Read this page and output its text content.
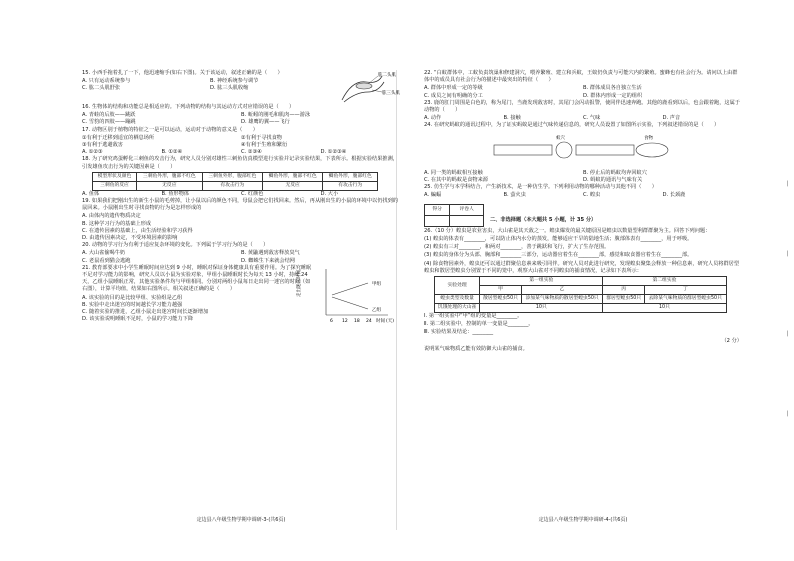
15. 小西手拖着扎了一下，他迅速缩手(如右下图)。关于该运动，叙述正确的是（　　）
A. 只有运动系统参与	B. 神经系统参与调节
C. 肱二头肌舒张	D. 肱三头肌收缩
肱二头肌
肱三头肌
16. 生物体的结构和功能总是相适应的。下列动物的结构与其运动方式对应错误的是（　　）
A. 青蛙的后肢——跳跃	B. 蚯蚓的刚毛和肌肉——游泳
C. 雪豹的四肢——蹦跳	D. 雄鹰的翼——飞行
17. 动物区别于植物的特征之一是可以运动，运动对于动物的意义是（　　）
①有利于迁移到适宜的栖息场所	②有利于寻找食物
③有利于逃避敌害	④有利于生殖和繁衍
A. ①②③	B. ①②④	C. ②③④	D. ①②③④
18. 为了研究鸡蛋孵化三刺鱼的攻击行为，研究人员分别对雄性三刺鱼仿真模型进行实验并记录实验结果，下表所示。根据实验结果推测，引发雄鱼攻击行为的关键因素是（　　）
模型形状及颜色	三刺鱼外形，腹部不红色	三刺鱼外形，腹部红色	鲫鱼外形，腹部不红色	鲫鱼外形，腹部红色
三刺鱼的反应	无反应	有攻击行为	无反应	有攻击行为
A. 鱼体	B. 鱼形物体	C. 红颜色	D. 大小
19. 如果我们把刚出生的新生小鼠的毛剪掉，让小鼠以后的颜色不同，母鼠会把它们找回来。然后，再从刚出生的小鼠的环境中以仍找到的鼠回来。小鼠刚出生时寻找食物的行为是怎样形成的
A. 由体内的遗传物质决定
B. 这种学习行为的基础上形成
C. 在遗传因素的基础上，由生活经验和学习获得
D. 由遗传因素决定，不受环境因素的影响
20. 动物的学习行为有利于适应复杂环境的变化。下列属于学习行为的是（　　）
A. 大山雀偷喝牛奶	B. 黄鼬遇到敌害释放臭气
C. 老鼠看到猫会逃跑	D. 蜘蛛生下来就会结网
21. 教育部要求中小学生睡眠时间应达到 9 小时，睡眠对保证身体健康具有重要作用。为了探究睡眠不足对学习能力的影响，研究人员以小鼠为实验对象，甲组小鼠睡眠时长为每天 13 小时，持续 24 天，乙组小鼠睡眠正常，其他实验条件均与甲组相同。分别对两组小鼠每日走出同一迷宫的时间（如右图），计算平均值，结果如右图所示。相关叙述正确的是（　　）
A. 该实验的目的是比较甲组、实验组是乙组
B. 实验中走出迷宫的时间越长学习能力越强
C. 随着实验的推进，乙组小鼠走出迷宫时间长逐渐增加
D. 该实验说明睡眠不足时，小鼠的学习能力下降
走出迷宫时间	甲组
乙组
6 12 18 24 时间 (天)
定边县八年级生物学期中调研-3-(共6页)
22. “白蚁群体中，工蚁负责筑巢和修建洞穴，喂养繁殖、建立和兵蚁，王蚁仍负责与可能穴内的繁殖。蜜蜂也有社会行为。请问以上由群体中的成员具有社会行为的描述中最突出的特征（　　）
A. 群体中形成一定的等级	B. 群体成员各自独立生活
C. 成员之间有明确的分工	D. 群体内形成一定的组织
23. 鹿的肛门周围是白色的，称为尾门，当鹿发现敌害时，其尾门会闪动报警，使同伴迅速奔跑。其他的鹿看到以后，也会跟着跑，这属于动物的（　　）
A. 动作	B. 接触	C. 气味	D. 声音
24. 在研究蚂蚁的通讯过程中，为了证实蚂蚁是通过气味传递信息的，研究人员设置了如图所示实验，下列叙述错误的是（　　）
蚁穴	食物
A. 同一类的蚂蚁相互接触	B. 停止后的蚂蚁均奔回蚁穴
C. 在其中的蚂蚁是食物来源	D. 蚂蚁的通讯与气味有关
25. 仿生学与本学科结合，产生新技术，是一种仿生学。下列利用动物的哪种活动与其他不同（　　）
A. 蝙蝠	B. 萤火虫	C. 蝗虫	D. 长颈鹿
得分	评卷人

二、非选择题（本大题共 5 小题，计 35 分）
26.（10 分）蝗虫是农业害虫，大山雀是其天敌之一。蝗虫爆发的最关键原因是蝗虫以数量型利群群聚为主。回答下列问题：
(1) 蝗虫的体表有________，可以防止体内水分的蒸发，能够适应干旱的陆地生活；腹部体表有________，用于呼吸。
(2) 蝗虫有三对________，和两对________，善于跳跃和飞行，扩大了生存范围。
(3) 蝗虫的身体分为头部、胸部和________三部分，运动器官着生在________部，感觉和取食器官着生在________部。
(4) 除食物因素外，蝗虫还可以通过群聚信息素来吸引同伴。研究人员对此进行研究，发现蝗虫聚集会释放一种信息素，研究人员将群居型蝗虫和散居型蝗虫分别置于不同的笼中，观察大山雀对不同蝗虫的捕食情况，记录如下表所示：
实验处理	第一组实验		第二组实验	
	甲	乙	丙	丁
蝗虫类型及数量	散居型蝗虫50只	添加某气味物质的散居型蝗虫50只	群居型蝗虫50只	去除某气味物质的群居型蝗虫50只
饥饿处理的大山雀	10只		10只	
Ⅰ. 第一组实验中“甲”组的变量是________。
Ⅱ. 第二组实验中，控制的单一变量是________。
Ⅲ. 实验结果及结论：________
（2 分）
说明某气味物质乙能有效防御大山雀的捕食。
定边县八年级生物学期中调研-4-(共6页)
∣
∣
∣
∣
